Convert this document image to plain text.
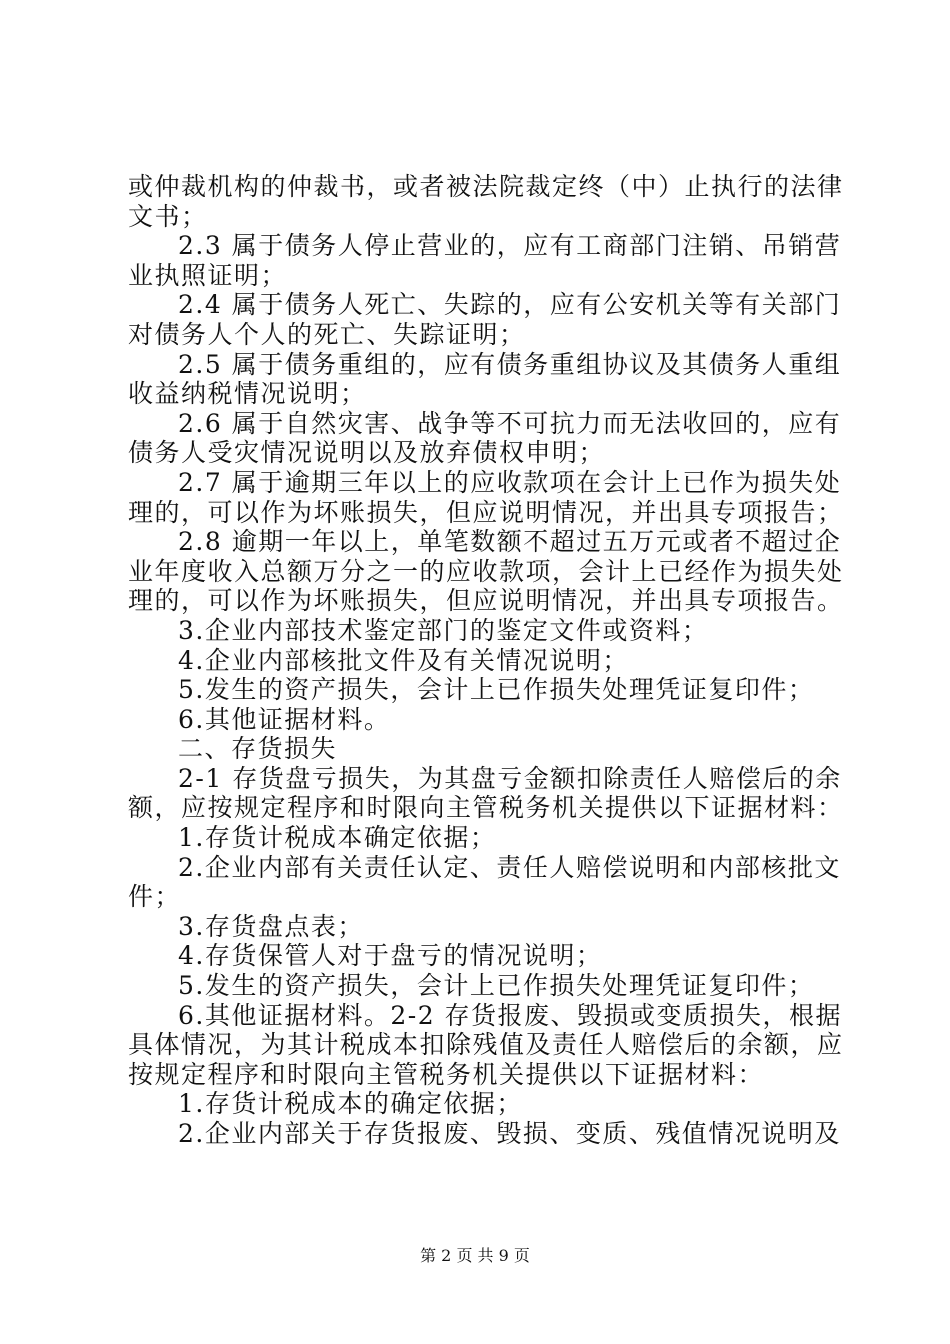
或仲裁机构的仲裁书，或者被法院裁定终（中）止执行的法律
文书；
2.3 属于债务人停止营业的，应有工商部门注销、吊销营
业执照证明；
2.4 属于债务人死亡、失踪的，应有公安机关等有关部门
对债务人个人的死亡、失踪证明；
2.5 属于债务重组的，应有债务重组协议及其债务人重组
收益纳税情况说明；
2.6 属于自然灾害、战争等不可抗力而无法收回的，应有
债务人受灾情况说明以及放弃债权申明；
2.7 属于逾期三年以上的应收款项在会计上已作为损失处
理的，可以作为坏账损失，但应说明情况，并出具专项报告；
2.8 逾期一年以上，单笔数额不超过五万元或者不超过企
业年度收入总额万分之一的应收款项，会计上已经作为损失处
理的，可以作为坏账损失，但应说明情况，并出具专项报告。
3.企业内部技术鉴定部门的鉴定文件或资料；
4.企业内部核批文件及有关情况说明；
5.发生的资产损失，会计上已作损失处理凭证复印件；
6.其他证据材料。
二、存货损失
2-1 存货盘亏损失，为其盘亏金额扣除责任人赔偿后的余
额，应按规定程序和时限向主管税务机关提供以下证据材料：
1.存货计税成本确定依据；
2.企业内部有关责任认定、责任人赔偿说明和内部核批文
件；
3.存货盘点表；
4.存货保管人对于盘亏的情况说明；
5.发生的资产损失，会计上已作损失处理凭证复印件；
6.其他证据材料。2-2 存货报废、毁损或变质损失，根据
具体情况，为其计税成本扣除残值及责任人赔偿后的余额，应
按规定程序和时限向主管税务机关提供以下证据材料：
1.存货计税成本的确定依据；
2.企业内部关于存货报废、毁损、变质、残值情况说明及
第 2 页 共 9 页
